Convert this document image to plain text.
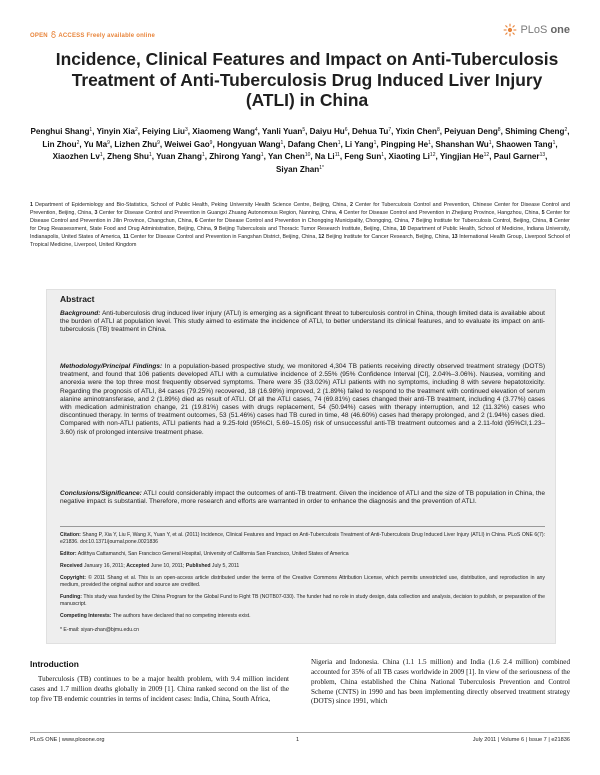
OPEN ACCESS Freely available online	PLoS one
Incidence, Clinical Features and Impact on Anti-Tuberculosis Treatment of Anti-Tuberculosis Drug Induced Liver Injury (ATLI) in China
Penghui Shang$^1$, Yinyin Xia$^2$, Feiying Liu$^3$, Xiaomeng Wang$^4$, Yanli Yuan$^5$, Daiyu Hu$^6$, Dehua Tu$^7$, Yixin Chen$^8$, Peiyuan Deng$^8$, Shiming Cheng$^2$, Lin Zhou$^2$, Yu Ma$^9$, Lizhen Zhu$^9$, Weiwei Gao$^9$, Hongyuan Wang$^1$, Dafang Chen$^1$, Li Yang$^1$, Pingping He$^1$, Shanshan Wu$^1$, Shaowen Tang$^1$, Xiaozhen Lv$^1$, Zheng Shu$^1$, Yuan Zhang$^1$, Zhirong Yang$^1$, Yan Chen$^{10}$, Na Li$^{11}$, Feng Sun$^1$, Xiaoting Li$^{12}$, Yingjian He$^{12}$, Paul Garner$^{13}$, Siyan Zhan$^{1*}$
1 Department of Epidemiology and Bio-Statistics, School of Public Health, Peking University Health Science Centre, Beijing, China, 2 Center for Tuberculosis Control and Prevention, Chinese Center for Disease Control and Prevention, Beijing, China, 3 Center for Disease Control and Prevention in Guangxi Zhuang Autonomous Region, Nanning, China, 4 Center for Disease Control and Prevention in Zhejiang Province, Hangzhou, China, 5 Center for Disease Control and Prevention in Jilin Province, Changchun, China, 6 Center for Disease Control and Prevention in Chongqing Municipality, Chongqing, China, 7 Beijing Institute for Tuberculosis Control, Beijing, China, 8 Center for Drug Reassessment, State Food and Drug Administration, Beijing, China, 9 Beijing Tuberculosis and Thoracic Tumor Research Institute, Beijing, China, 10 Department of Public Health, School of Medicine, Indiana University, Indianapolis, United States of America, 11 Center for Disease Control and Prevention in Fangshan District, Beijing, China, 12 Beijing Institute for Cancer Research, Beijing, China, 13 International Health Group, Liverpool School of Tropical Medicine, Liverpool, United Kingdom
Abstract
Background: Anti-tuberculosis drug induced liver injury (ATLI) is emerging as a significant threat to tuberculosis control in China, though limited data is available about the burden of ATLI at population level. This study aimed to estimate the incidence of ATLI, to better understand its clinical features, and to evaluate its impact on anti-tuberculosis (TB) treatment in China.
Methodology/Principal Findings: In a population-based prospective study, we monitored 4,304 TB patients receiving directly observed treatment strategy (DOTS) treatment, and found that 106 patients developed ATLI with a cumulative incidence of 2.55% (95% Confidence Interval [CI], 2.04%–3.06%). Nausea, vomiting and anorexia were the top three most frequently observed symptoms. There were 35 (33.02%) ATLI patients with no symptoms, including 8 with severe hepatotoxicity. Regarding the prognosis of ATLI, 84 cases (79.25%) recovered, 18 (16.98%) improved, 2 (1.89%) failed to respond to the treatment with continued elevation of serum alanine aminotransferase, and 2 (1.89%) died as result of ATLI. Of all the ATLI cases, 74 (69.81%) cases changed their anti-TB treatment, including 4 (3.77%) cases with medication administration change, 21 (19.81%) cases with drugs replacement, 54 (50.94%) cases with therapy interruption, and 12 (11.32%) cases who discontinued therapy. In terms of treatment outcomes, 53 (51.46%) cases had TB cured in time, 48 (46.60%) cases had therapy prolonged, and 2 (1.94%) cases died. Compared with non-ATLI patients, ATLI patients had a 9.25-fold (95%CI, 5.69–15.05) risk of unsuccessful anti-TB treatment outcomes and a 2.11-fold (95%CI,1.23–3.60) risk of prolonged intensive treatment phase.
Conclusions/Significance: ATLI could considerably impact the outcomes of anti-TB treatment. Given the incidence of ATLI and the size of TB population in China, the negative impact is substantial. Therefore, more research and efforts are warranted in order to enhance the diagnosis and the prevention of ATLI.
Citation: Shang P, Xia Y, Liu F, Wang X, Yuan Y, et al. (2011) Incidence, Clinical Features and Impact on Anti-Tuberculosis Treatment of Anti-Tuberculosis Drug Induced Liver Injury (ATLI) in China. PLoS ONE 6(7): e21836. doi:10.1371/journal.pone.0021836
Editor: Adithya Cattamanchi, San Francisco General Hospital, University of California San Francisco, United States of America
Received January 16, 2011; Accepted June 10, 2011; Published July 5, 2011
Copyright: © 2011 Shang et al. This is an open-access article distributed under the terms of the Creative Commons Attribution License, which permits unrestricted use, distribution, and reproduction in any medium, provided the original author and source are credited.
Funding: This study was funded by the China Program for the Global Fund to Fight TB (NOTB07-030). The funder had no role in study design, data collection and analysis, decision to publish, or preparation of the manuscript.
Competing Interests: The authors have declared that no competing interests exist.
* E-mail: siyan-zhan@bjmu.edu.cn
Introduction
Tuberculosis (TB) continues to be a major health problem, with 9.4 million incident cases and 1.7 million deaths globally in 2009 [1]. China ranked second on the list of the top five TB endemic countries in terms of incident cases: India, China, South Africa,
Nigeria and Indonesia. China (1.1 1.5 million) and India (1.6 2.4 million) combined accounted for 35% of all TB cases worldwide in 2009 [1]. In view of the seriousness of the problem, China established the China National Tuberculosis Prevention and Control Scheme (CNTS) in 1990 and has been implementing directly observed treatment strategy (DOTS) since 1991, which
PLoS ONE | www.plosone.org	1	July 2011 | Volume 6 | Issue 7 | e21836
